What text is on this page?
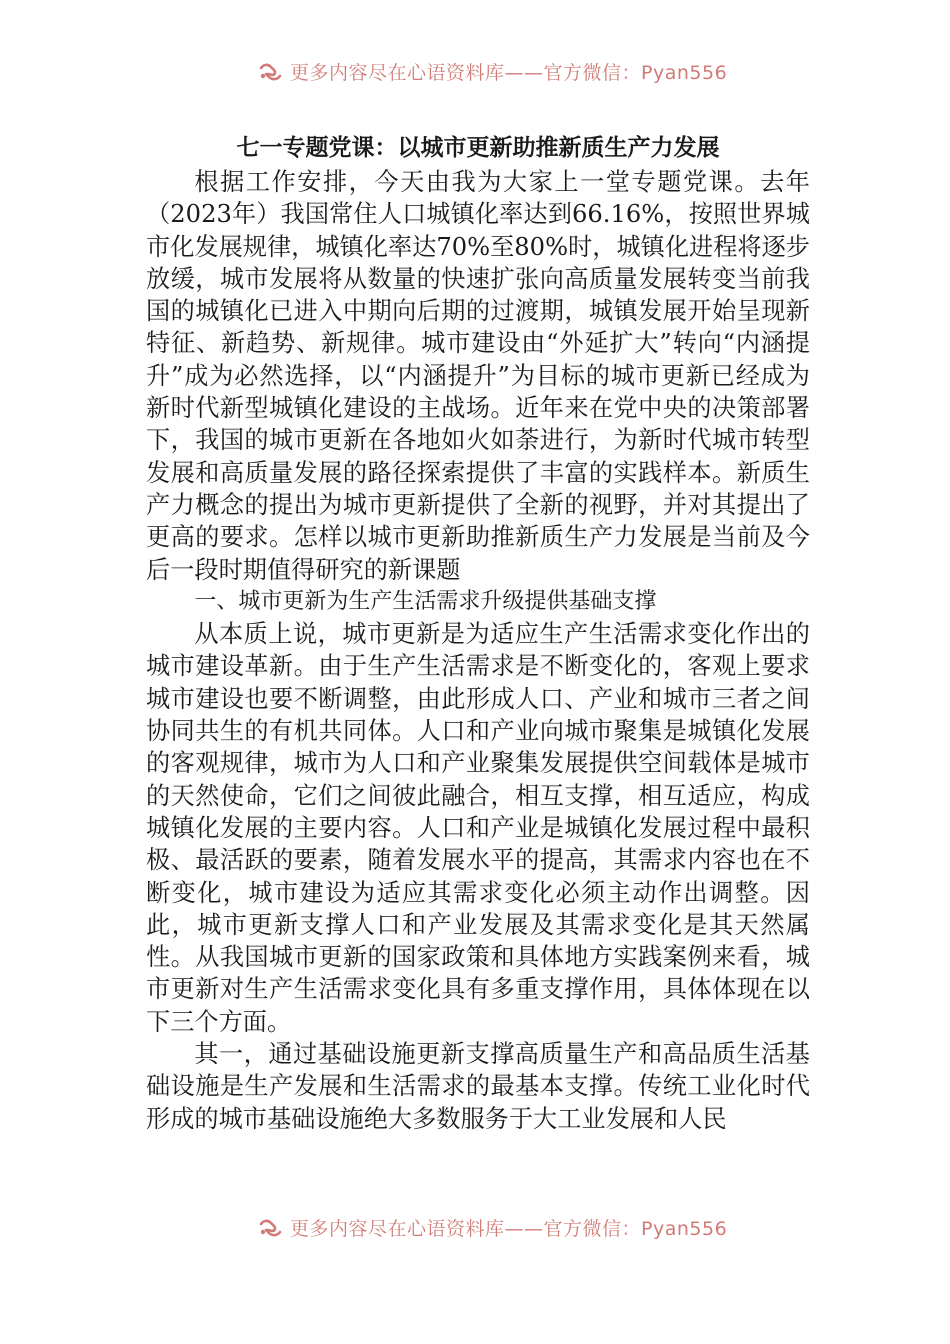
更多内容尽在心语资料库——官方微信：Pyan556
七一专题党课：以城市更新助推新质生产力发展

根据工作安排，今天由我为大家上一堂专题党课。去年（2023年）我国常住人口城镇化率达到66.16%，按照世界城市化发展规律，城镇化率达70%至80%时，城镇化进程将逐步放缓，城市发展将从数量的快速扩张向高质量发展转变当前我国的城镇化已进入中期向后期的过渡期，城镇发展开始呈现新特征、新趋势、新规律。城市建设由“外延扩大”转向“内涵提升”成为必然选择，以“内涵提升”为目标的城市更新已经成为新时代新型城镇化建设的主战场。近年来在党中央的决策部署下，我国的城市更新在各地如火如荼进行，为新时代城市转型发展和高质量发展的路径探索提供了丰富的实践样本。新质生产力概念的提出为城市更新提供了全新的视野，并对其提出了更高的要求。怎样以城市更新助推新质生产力发展是当前及今后一段时期值得研究的新课题

一、城市更新为生产生活需求升级提供基础支撑

从本质上说，城市更新是为适应生产生活需求变化作出的城市建设革新。由于生产生活需求是不断变化的，客观上要求城市建设也要不断调整，由此形成人口、产业和城市三者之间协同共生的有机共同体。人口和产业向城市聚集是城镇化发展的客观规律，城市为人口和产业聚集发展提供空间载体是城市的天然使命，它们之间彼此融合，相互支撑，相互适应，构成城镇化发展的主要内容。人口和产业是城镇化发展过程中最积极、最活跃的要素，随着发展水平的提高，其需求内容也在不断变化，城市建设为适应其需求变化必须主动作出调整。因此，城市更新支撑人口和产业发展及其需求变化是其天然属性。从我国城市更新的国家政策和具体地方实践案例来看，城市更新对生产生活需求变化具有多重支撑作用，具体体现在以下三个方面。

其一，通过基础设施更新支撑高质量生产和高品质生活基础设施是生产发展和生活需求的最基本支撑。传统工业化时代形成的城市基础设施绝大多数服务于大工业发展和人民

更多内容尽在心语资料库——官方微信：Pyan556
